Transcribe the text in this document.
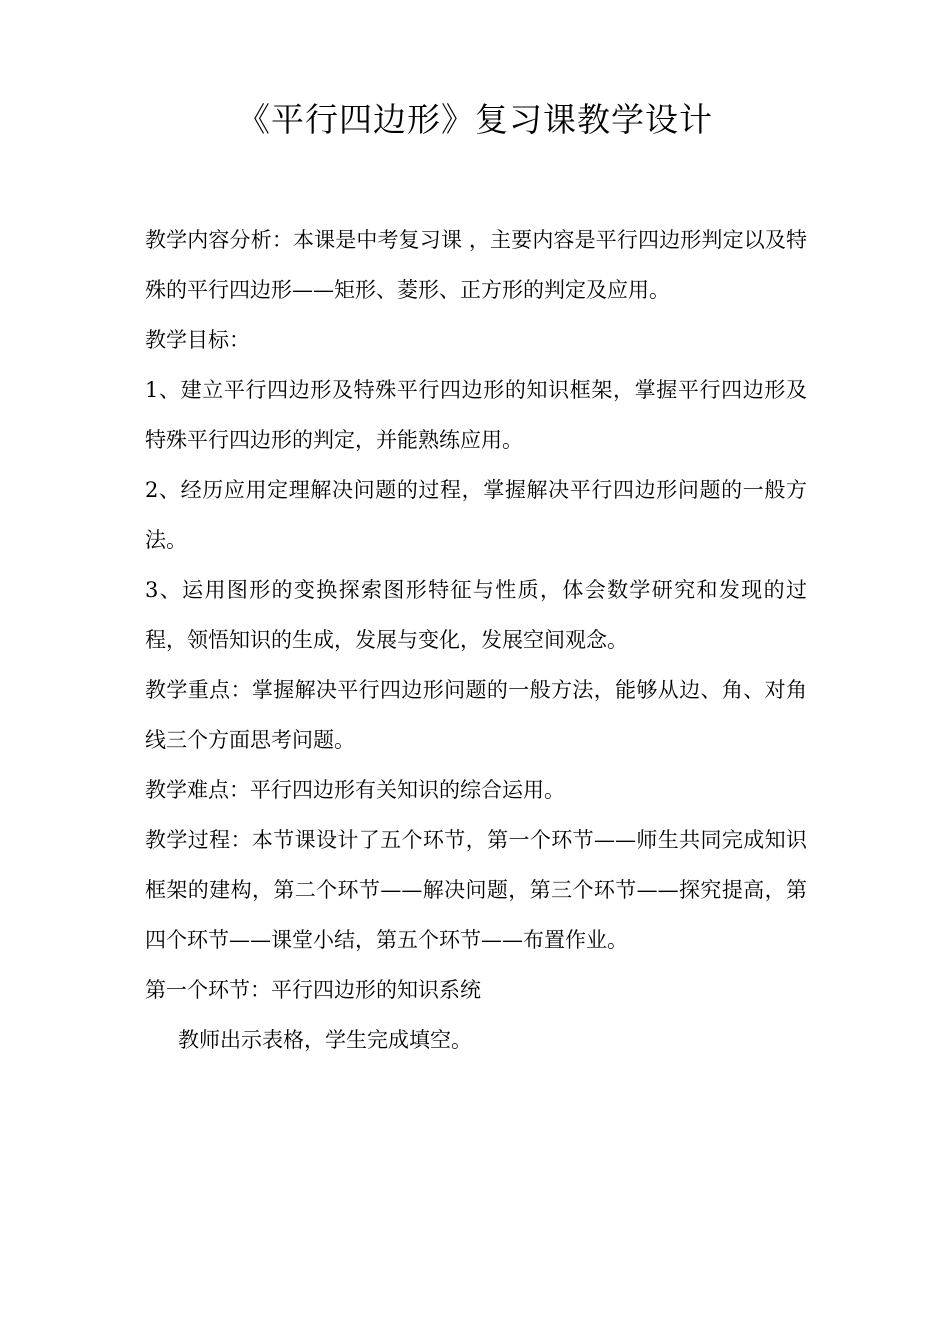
《平行四边形》复习课教学设计

教学内容分析：本课是中考复习课 ，主要内容是平行四边形判定以及特殊的平行四边形——矩形、菱形、正方形的判定及应用。

教学目标：

1、建立平行四边形及特殊平行四边形的知识框架，掌握平行四边形及特殊平行四边形的判定，并能熟练应用。

2、经历应用定理解决问题的过程，掌握解决平行四边形问题的一般方法。

3、运用图形的变换探索图形特征与性质，体会数学研究和发现的过程，领悟知识的生成，发展与变化，发展空间观念。

教学重点：掌握解决平行四边形问题的一般方法，能够从边、角、对角线三个方面思考问题。

教学难点：平行四边形有关知识的综合运用。

教学过程：本节课设计了五个环节，第一个环节——师生共同完成知识框架的建构，第二个环节——解决问题，第三个环节——探究提高，第四个环节——课堂小结，第五个环节——布置作业。

第一个环节：平行四边形的知识系统

教师出示表格，学生完成填空。
